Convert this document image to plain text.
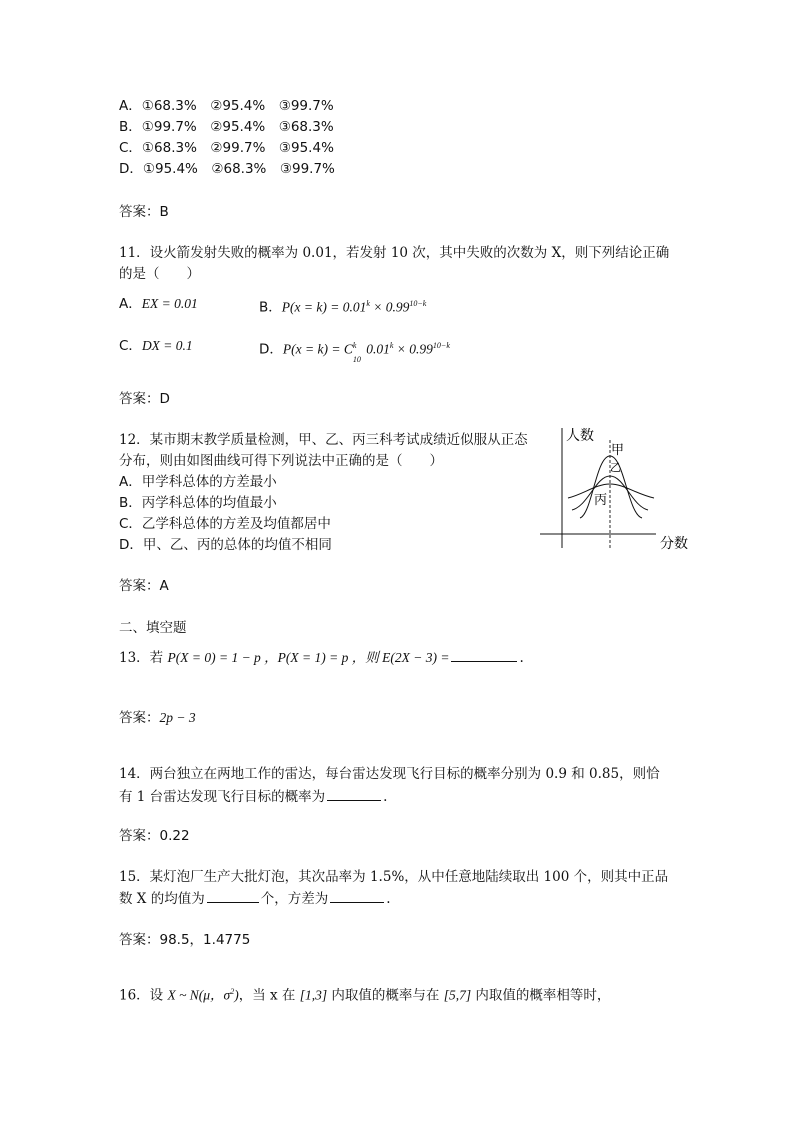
A．①68.3%　②95.4%　③99.7%
B．①99.7%　②95.4%　③68.3%
C．①68.3%　②99.7%　③95.4%
D．①95.4%　②68.3%　③99.7%
答案：B
11．设火箭发射失败的概率为 0.01，若发射 10 次，其中失败的次数为 X，则下列结论正确
的是（　　）
A．EX = 0.01	B．$P(x = k) = 0.01^k \times 0.99^{10-k}$
C．DX = 0.1	D．P(x = k) = C k
10
$0.01^k \times 0.99^{10-k}$
答案：D
12．某市期末教学质量检测，甲、乙、丙三科考试成绩近似服从正态
分布，则由如图曲线可得下列说法中正确的是（　　）
A．甲学科总体的方差最小
B．丙学科总体的均值最小
C．乙学科总体的方差及均值都居中
D．甲、乙、丙的总体的均值不相同
人数
分数
甲
乙
丙
答案：A
二、填空题
13．若 P(X = 0) = 1 − p ，P(X = 1) = p ，则 E(2X − 3) =	.
答案：2p − 3
14．两台独立在两地工作的雷达，每台雷达发现飞行目标的概率分别为 0.9 和 0.85，则恰
有 1 台雷达发现飞行目标的概率为	.
答案：0.22
15．某灯泡厂生产大批灯泡，其次品率为 1.5%，从中任意地陆续取出 100 个，则其中正品
数 X 的均值为	个，方差为	.
答案：98.5，1.4775
16．设 X ~ N(μ，$\sigma^2$)，当 x 在 [1,3] 内取值的概率与在 [5,7] 内取值的概率相等时，
